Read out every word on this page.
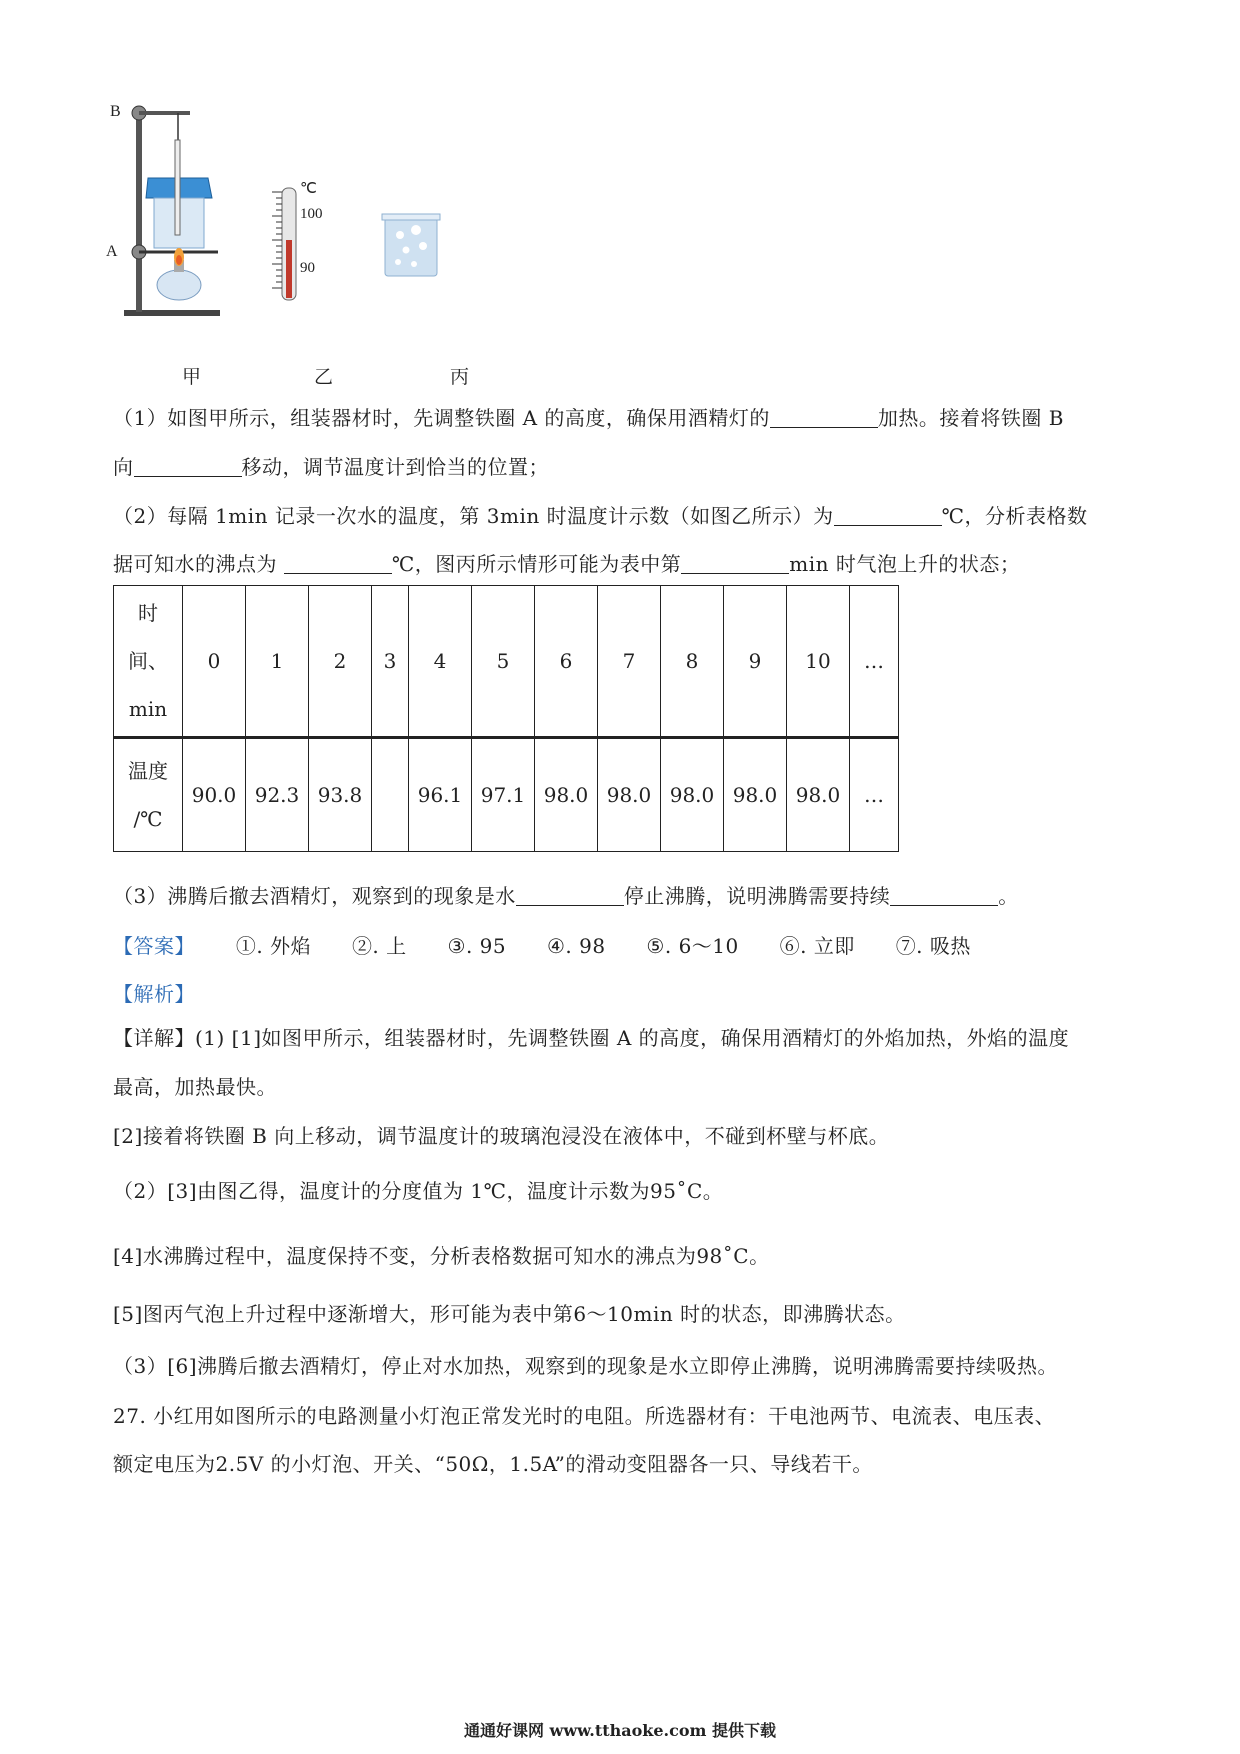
B
A
℃
100
90
甲	乙	丙
（1）如图甲所示，组装器材时，先调整铁圈 A 的高度，确保用酒精灯的	加热。接着将铁圈 B
向	移动，调节温度计到恰当的位置；
（2）每隔 1min 记录一次水的温度，第 3min 时温度计示数（如图乙所示）为	℃，分析表格数
据可知水的沸点为	℃，图丙所示情形可能为表中第	min 时气泡上升的状态；
时
间、
min	0	1	2	3	4	5	6	7	8	9	10	…

温度
/℃	90.0	92.3	93.8		96.1	97.1	98.0	98.0	98.0	98.0	98.0	…
（3）沸腾后撤去酒精灯，观察到的现象是水	停止沸腾，说明沸腾需要持续	。
【答案】 ①. 外焰 ②. 上 ③. 95 ④. 98 ⑤. 6～10 ⑥. 立即 ⑦. 吸热
【解析】
【详解】(1) [1]如图甲所示，组装器材时，先调整铁圈 A 的高度，确保用酒精灯的外焰加热，外焰的温度
最高，加热最快。
[2]接着将铁圈 B 向上移动，调节温度计的玻璃泡浸没在液体中，不碰到杯壁与杯底。
（2）[3]由图乙得，温度计的分度值为 1℃，温度计示数为95˚C。
[4]水沸腾过程中，温度保持不变，分析表格数据可知水的沸点为98˚C。
[5]图丙气泡上升过程中逐渐增大，形可能为表中第6～10min 时的状态，即沸腾状态。
（3）[6]沸腾后撤去酒精灯，停止对水加热，观察到的现象是水立即停止沸腾，说明沸腾需要持续吸热。
27. 小红用如图所示的电路测量小灯泡正常发光时的电阻。所选器材有：干电池两节、电流表、电压表、
额定电压为2.5V 的小灯泡、开关、“50Ω，1.5A”的滑动变阻器各一只、导线若干。
通通好课网 www.tthaoke.com 提供下载
